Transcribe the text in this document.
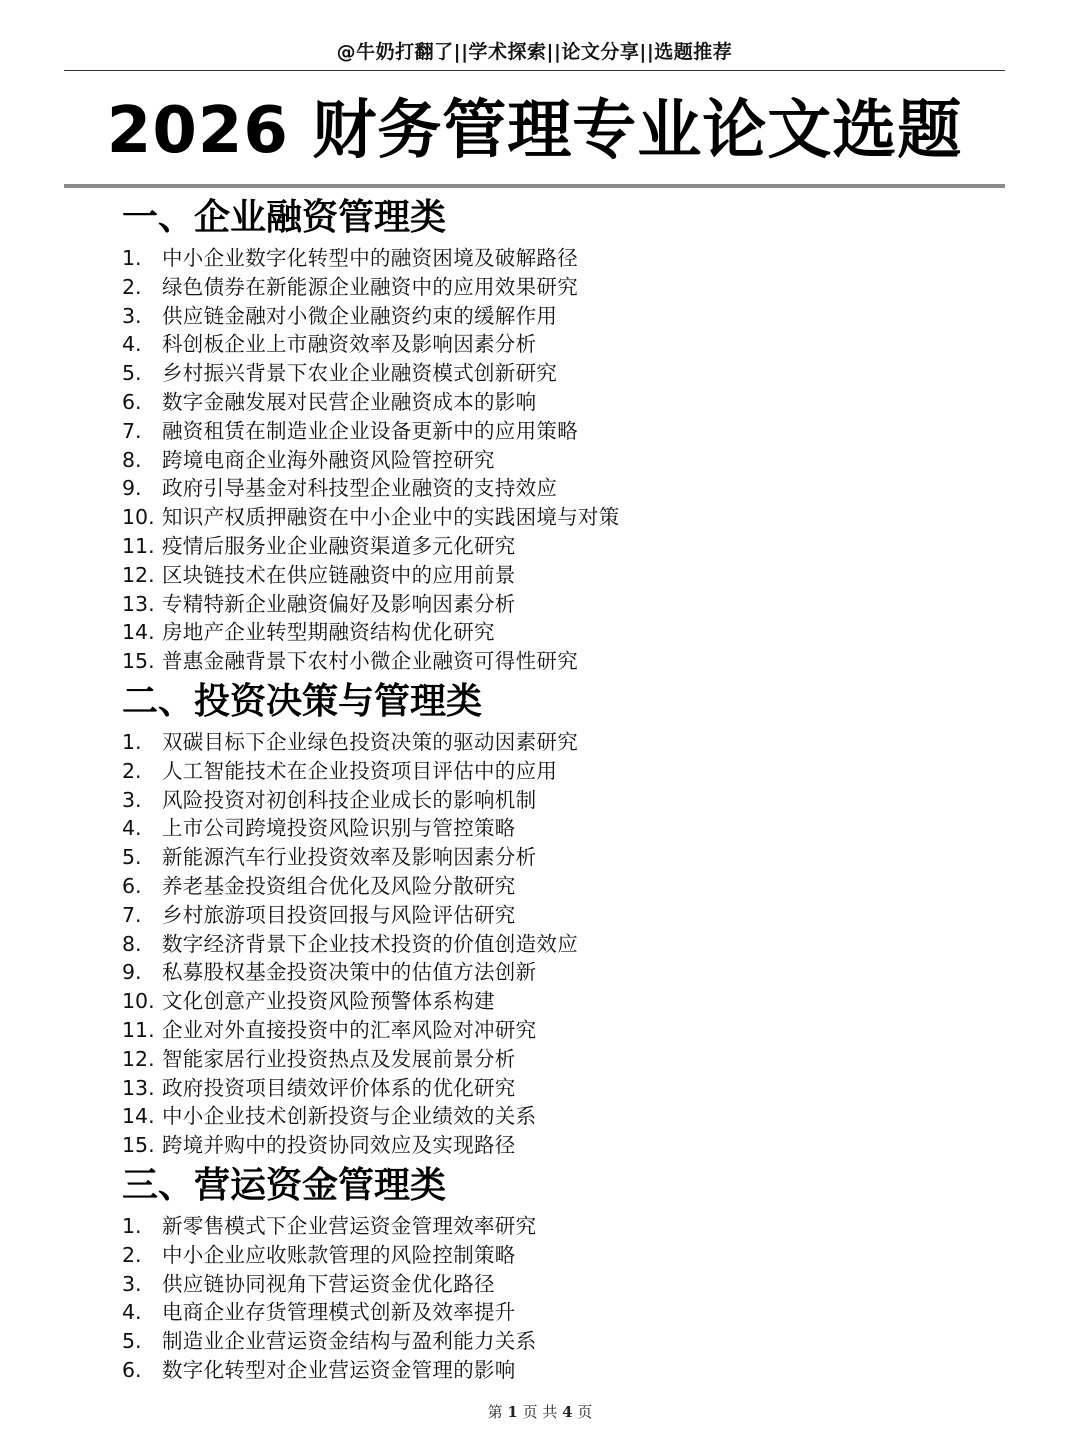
@牛奶打翻了||学术探索||论文分享||选题推荐
2026 财务管理专业论文选题
一、企业融资管理类
1. 中小企业数字化转型中的融资困境及破解路径
2. 绿色债券在新能源企业融资中的应用效果研究
3. 供应链金融对小微企业融资约束的缓解作用
4. 科创板企业上市融资效率及影响因素分析
5. 乡村振兴背景下农业企业融资模式创新研究
6. 数字金融发展对民营企业融资成本的影响
7. 融资租赁在制造业企业设备更新中的应用策略
8. 跨境电商企业海外融资风险管控研究
9. 政府引导基金对科技型企业融资的支持效应
10. 知识产权质押融资在中小企业中的实践困境与对策
11. 疫情后服务业企业融资渠道多元化研究
12. 区块链技术在供应链融资中的应用前景
13. 专精特新企业融资偏好及影响因素分析
14. 房地产企业转型期融资结构优化研究
15. 普惠金融背景下农村小微企业融资可得性研究
二、投资决策与管理类
1. 双碳目标下企业绿色投资决策的驱动因素研究
2. 人工智能技术在企业投资项目评估中的应用
3. 风险投资对初创科技企业成长的影响机制
4. 上市公司跨境投资风险识别与管控策略
5. 新能源汽车行业投资效率及影响因素分析
6. 养老基金投资组合优化及风险分散研究
7. 乡村旅游项目投资回报与风险评估研究
8. 数字经济背景下企业技术投资的价值创造效应
9. 私募股权基金投资决策中的估值方法创新
10. 文化创意产业投资风险预警体系构建
11. 企业对外直接投资中的汇率风险对冲研究
12. 智能家居行业投资热点及发展前景分析
13. 政府投资项目绩效评价体系的优化研究
14. 中小企业技术创新投资与企业绩效的关系
15. 跨境并购中的投资协同效应及实现路径
三、营运资金管理类
1. 新零售模式下企业营运资金管理效率研究
2. 中小企业应收账款管理的风险控制策略
3. 供应链协同视角下营运资金优化路径
4. 电商企业存货管理模式创新及效率提升
5. 制造业企业营运资金结构与盈利能力关系
6. 数字化转型对企业营运资金管理的影响
第 1 页 共 4 页
